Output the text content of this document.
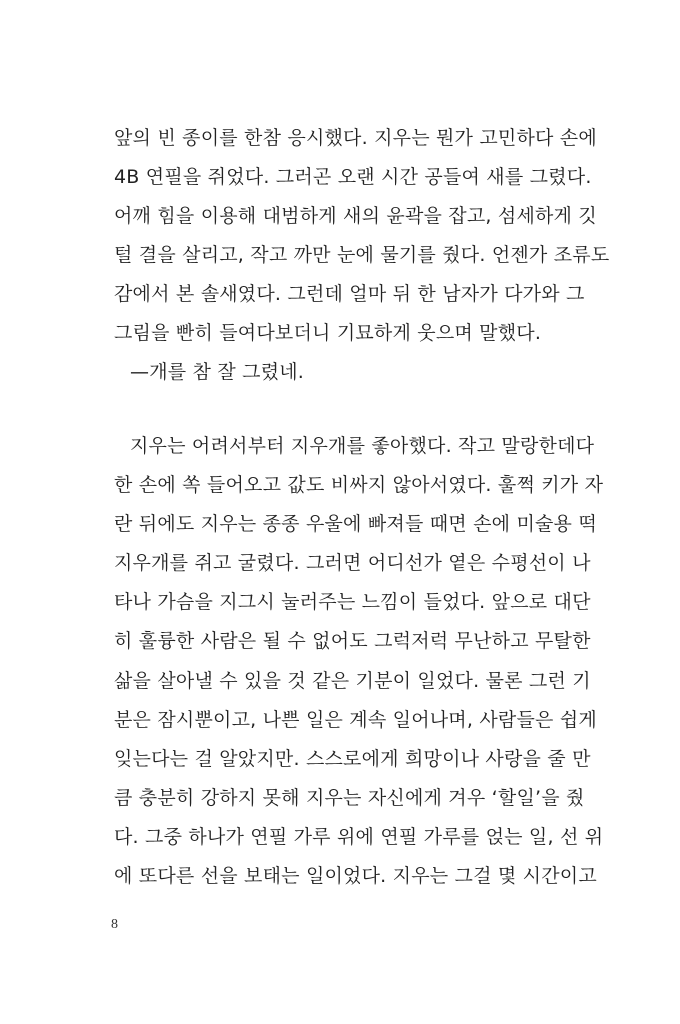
앞의 빈 종이를 한참 응시했다. 지우는 뭔가 고민하다 손에
4B 연필을 쥐었다. 그러곤 오랜 시간 공들여 새를 그렸다.
어깨 힘을 이용해 대범하게 새의 윤곽을 잡고, 섬세하게 깃
털 결을 살리고, 작고 까만 눈에 물기를 줬다. 언젠가 조류도
감에서 본 솔새였다. 그런데 얼마 뒤 한 남자가 다가와 그
그림을 빤히 들여다보더니 기묘하게 웃으며 말했다.
—개를 참 잘 그렸네.
지우는 어려서부터 지우개를 좋아했다. 작고 말랑한데다
한 손에 쏙 들어오고 값도 비싸지 않아서였다. 훌쩍 키가 자
란 뒤에도 지우는 종종 우울에 빠져들 때면 손에 미술용 떡
지우개를 쥐고 굴렸다. 그러면 어디선가 옅은 수평선이 나
타나 가슴을 지그시 눌러주는 느낌이 들었다. 앞으로 대단
히 훌륭한 사람은 될 수 없어도 그럭저럭 무난하고 무탈한
삶을 살아낼 수 있을 것 같은 기분이 일었다. 물론 그런 기
분은 잠시뿐이고, 나쁜 일은 계속 일어나며, 사람들은 쉽게
잊는다는 걸 알았지만. 스스로에게 희망이나 사랑을 줄 만
큼 충분히 강하지 못해 지우는 자신에게 겨우 ‘할일’을 줬
다. 그중 하나가 연필 가루 위에 연필 가루를 얹는 일, 선 위
에 또다른 선을 보태는 일이었다. 지우는 그걸 몇 시간이고
8
